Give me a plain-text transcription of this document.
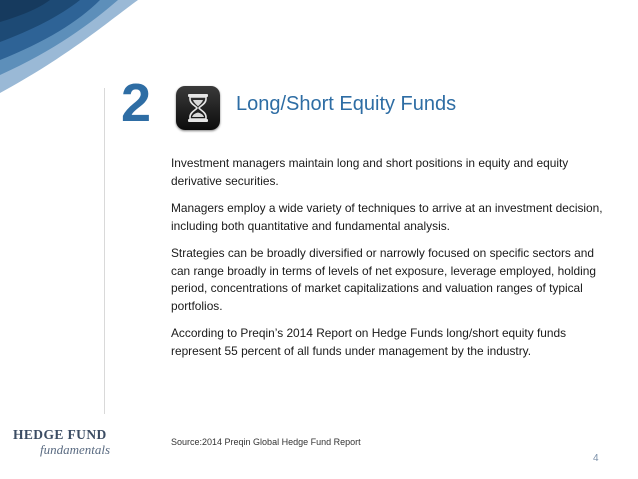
2	Long/Short Equity Funds

Investment managers maintain long and short positions in equity and equity derivative securities.

Managers employ a wide variety of techniques to arrive at an investment decision, including both quantitative and fundamental analysis.

Strategies can be broadly diversified or narrowly focused on specific sectors and can range broadly in terms of levels of net exposure, leverage employed, holding period, concentrations of market capitalizations and valuation ranges of typical portfolios.

According to Preqin’s 2014 Report on Hedge Funds long/short equity funds represent 55 percent of all funds under management by the industry.

HEDGE FUND
fundamentals	Source:2014 Preqin Global Hedge Fund Report
4
